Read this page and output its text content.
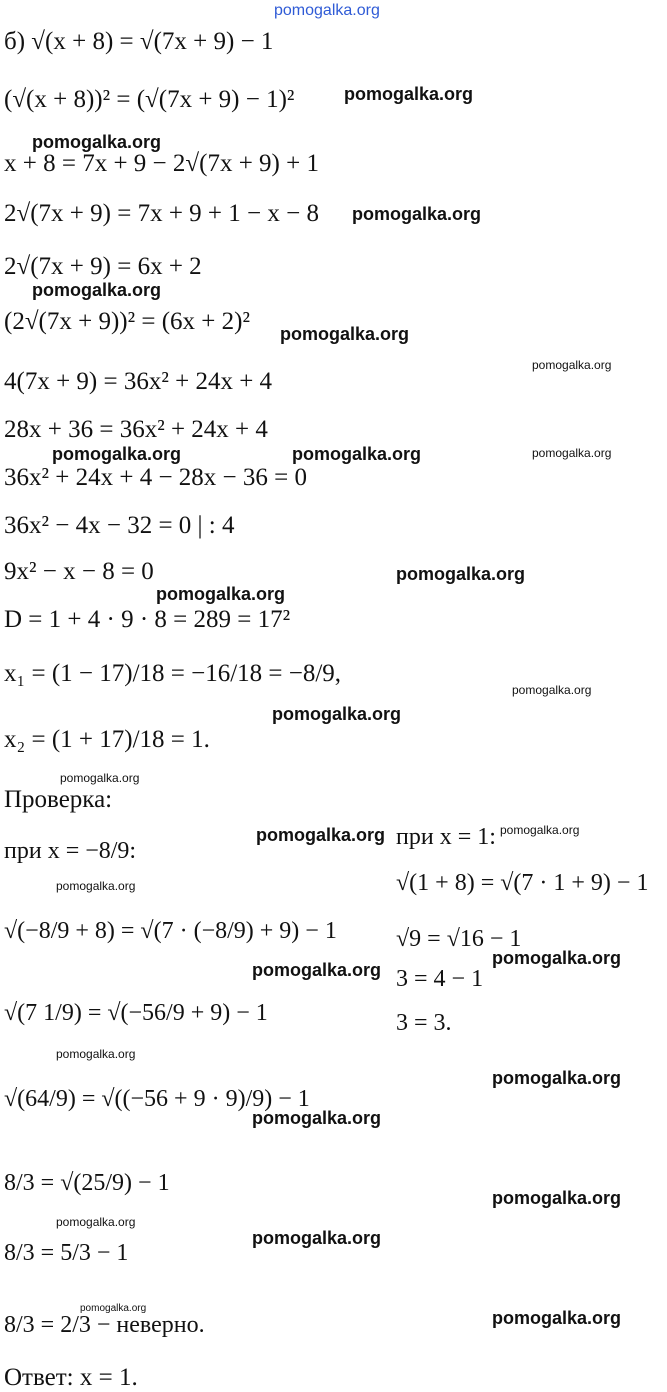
pomogalka.org
б) √(x + 8) = √(7x + 9) − 1
(√(x + 8))² = (√(7x + 9) − 1)²
x + 8 = 7x + 9 − 2√(7x + 9) + 1
2√(7x + 9) = 7x + 9 + 1 − x − 8
2√(7x + 9) = 6x + 2
(2√(7x + 9))² = (6x + 2)²
4(7x + 9) = 36x² + 24x + 4
28x + 36 = 36x² + 24x + 4
36x² + 24x + 4 − 28x − 36 = 0
36x² − 4x − 32 = 0 | : 4
9x² − x − 8 = 0
D = 1 + 4 · 9 · 8 = 289 = 17²
x₁ = (1 − 17)/18 = −16/18 = −8/9,
x₂ = (1 + 17)/18 = 1.
Проверка:
при x = −8/9:
√(−8/9 + 8) = √(7 · (−8/9) + 9) − 1
√(7 1/9) = √(−56/9 + 9) − 1
√(64/9) = √((−56 + 9 · 9)/9) − 1
8/3 = √(25/9) − 1
8/3 = 5/3 − 1
8/3 = 2/3 − неверно.
при x = 1:
√(1 + 8) = √(7 · 1 + 9) − 1
√9 = √16 − 1
3 = 4 − 1
3 = 3.
Ответ: x = 1.
pomogalka.org
pomogalka.org
pomogalka.org
pomogalka.org
pomogalka.org
pomogalka.org
pomogalka.org	pomogalka.org	pomogalka.org
pomogalka.org
pomogalka.org
pomogalka.org
pomogalka.org
pomogalka.org
pomogalka.org	pomogalka.org
pomogalka.org
pomogalka.org
pomogalka.org
pomogalka.org
pomogalka.org
pomogalka.org
pomogalka.org
pomogalka.org
pomogalka.org
pomogalka.org	pomogalka.org
